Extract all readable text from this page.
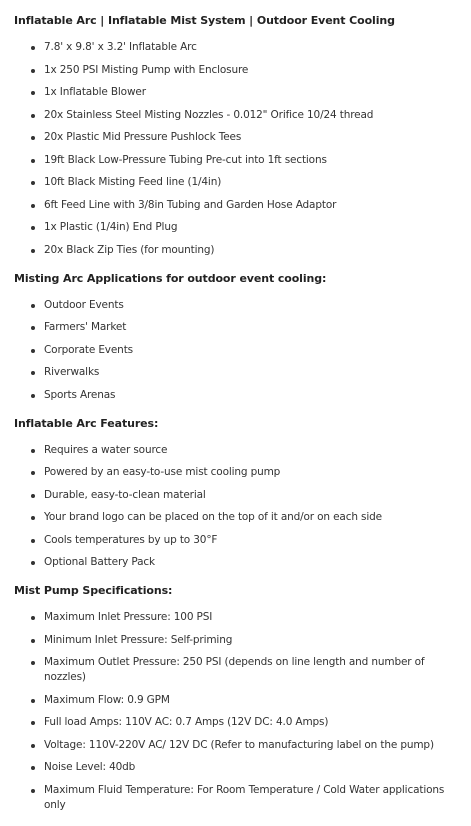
Inflatable Arc | Inflatable Mist System | Outdoor Event Cooling
7.8' x 9.8' x 3.2' Inflatable Arc
1x 250 PSI Misting Pump with Enclosure
1x Inflatable Blower
20x Stainless Steel Misting Nozzles - 0.012" Orifice 10/24 thread
20x Plastic Mid Pressure Pushlock Tees
19ft Black Low-Pressure Tubing Pre-cut into 1ft sections
10ft Black Misting Feed line (1/4in)
6ft Feed Line with 3/8in Tubing and Garden Hose Adaptor
1x Plastic (1/4in) End Plug
20x Black Zip Ties (for mounting)
Misting Arc Applications for outdoor event cooling:
Outdoor Events
Farmers' Market
Corporate Events
Riverwalks
Sports Arenas
Inflatable Arc Features:
Requires a water source
Powered by an easy-to-use mist cooling pump
Durable, easy-to-clean material
Your brand logo can be placed on the top of it and/or on each side
Cools temperatures by up to 30°F
Optional Battery Pack
Mist Pump Specifications:
Maximum Inlet Pressure: 100 PSI
Minimum Inlet Pressure: Self-priming
Maximum Outlet Pressure: 250 PSI (depends on line length and number of nozzles)
Maximum Flow: 0.9 GPM
Full load Amps: 110V AC: 0.7 Amps (12V DC: 4.0 Amps)
Voltage: 110V-220V AC/ 12V DC (Refer to manufacturing label on the pump)
Noise Level: 40db
Maximum Fluid Temperature: For Room Temperature / Cold Water applications only
